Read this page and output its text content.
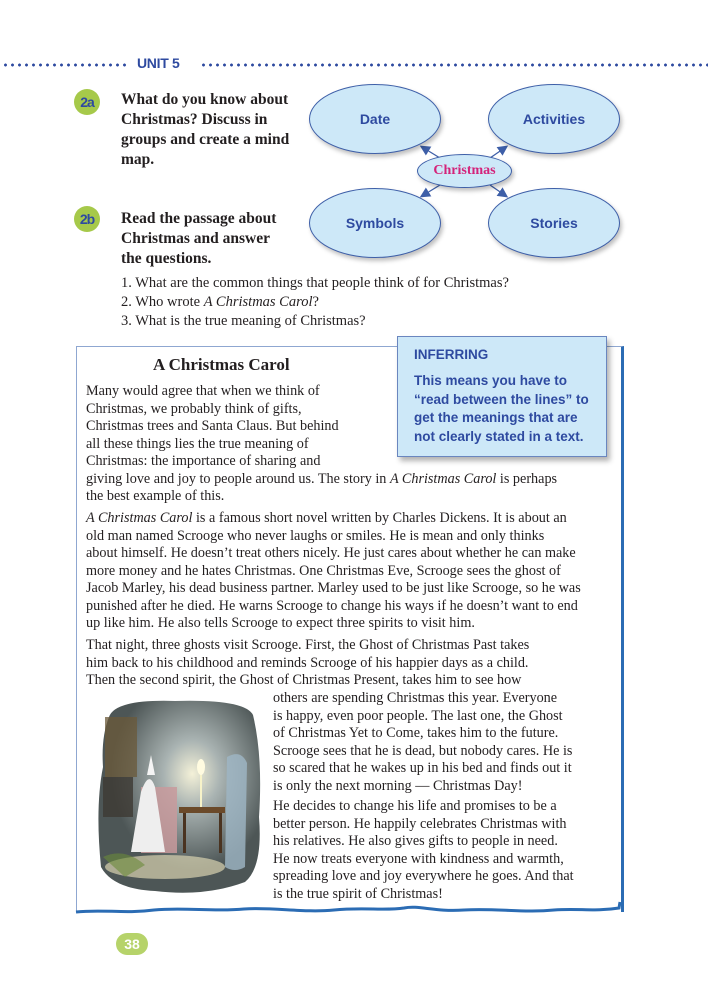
UNIT 5
2a	What do you know about
Christmas? Discuss in
groups and create a mind
map.
2b	Read the passage about
Christmas and answer
the questions.
Date	Activities
Christmas
Symbols	Stories
1. What are the common things that people think of for Christmas?
2. Who wrote A Christmas Carol?
3. What is the true meaning of Christmas?
A Christmas Carol
Many would agree that when we think of
Christmas, we probably think of gifts,
Christmas trees and Santa Claus. But behind
all these things lies the true meaning of
Christmas: the importance of sharing and
giving love and joy to people around us. The story in A Christmas Carol is perhaps
the best example of this.
INFERRING
This means you have to
“read between the lines” to
get the meanings that are
not clearly stated in a text.
A Christmas Carol is a famous short novel written by Charles Dickens. It is about an
old man named Scrooge who never laughs or smiles. He is mean and only thinks
about himself. He doesn’t treat others nicely. He just cares about whether he can make
more money and he hates Christmas. One Christmas Eve, Scrooge sees the ghost of
Jacob Marley, his dead business partner. Marley used to be just like Scrooge, so he was
punished after he died. He warns Scrooge to change his ways if he doesn’t want to end
up like him. He also tells Scrooge to expect three spirits to visit him.
That night, three ghosts visit Scrooge. First, the Ghost of Christmas Past takes
him back to his childhood and reminds Scrooge of his happier days as a child.
Then the second spirit, the Ghost of Christmas Present, takes him to see how
others are spending Christmas this year. Everyone
is happy, even poor people. The last one, the Ghost
of Christmas Yet to Come, takes him to the future.
Scrooge sees that he is dead, but nobody cares. He is
so scared that he wakes up in his bed and finds out it
is only the next morning — Christmas Day!
He decides to change his life and promises to be a
better person. He happily celebrates Christmas with
his relatives. He also gives gifts to people in need.
He now treats everyone with kindness and warmth,
spreading love and joy everywhere he goes. And that
is the true spirit of Christmas!
38
